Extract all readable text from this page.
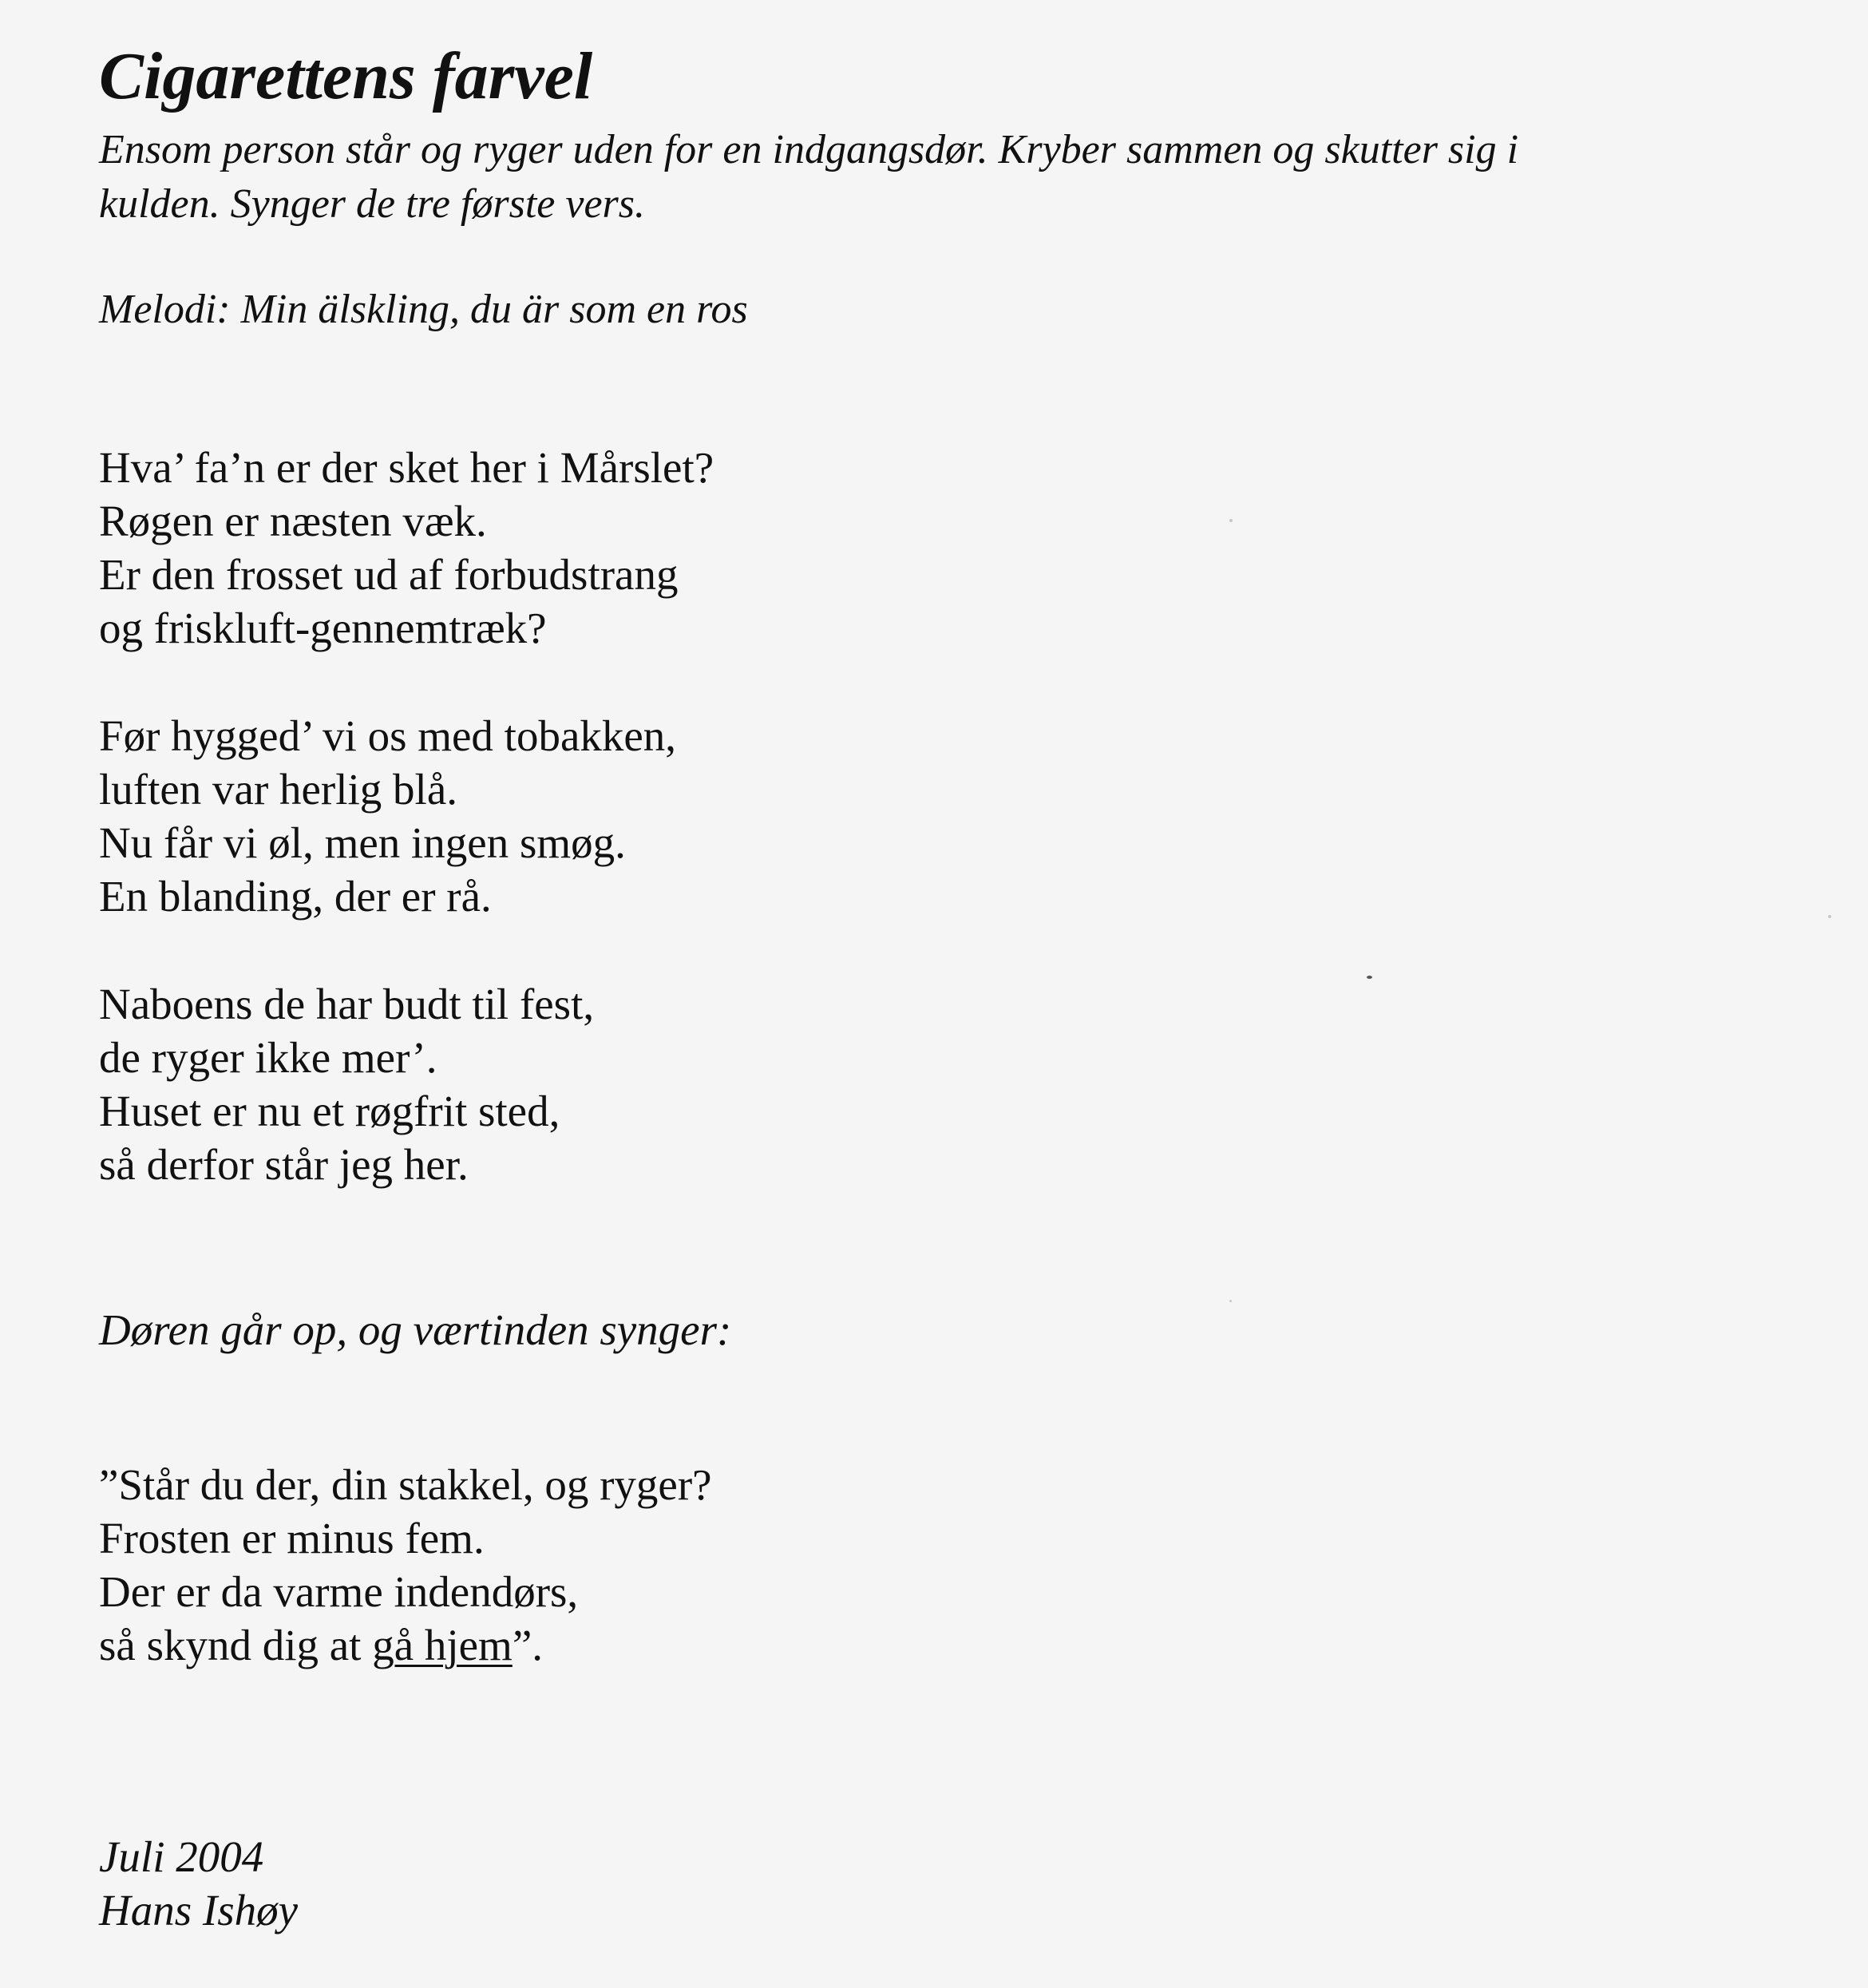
Cigarettens farvel

Ensom person står og ryger uden for en indgangsdør. Kryber sammen og skutter sig i

kulden. Synger de tre første vers.

Melodi: Min älskling, du är som en ros

Hva’ fa’n er der sket her i Mårslet?
Røgen er næsten væk.
Er den frosset ud af forbudstrang
og friskluft-gennemtræk?
Før hygged’ vi os med tobakken,
luften var herlig blå.
Nu får vi øl, men ingen smøg.
En blanding, der er rå.
Naboens de har budt til fest,
de ryger ikke mer’.
Huset er nu et røgfrit sted,
så derfor står jeg her.

Døren går op, og værtinden synger:

”Står du der, din stakkel, og ryger?
Frosten er minus fem.
Der er da varme indendørs,
så skynd dig at gå hjem”.
Juli 2004
Hans Ishøy
